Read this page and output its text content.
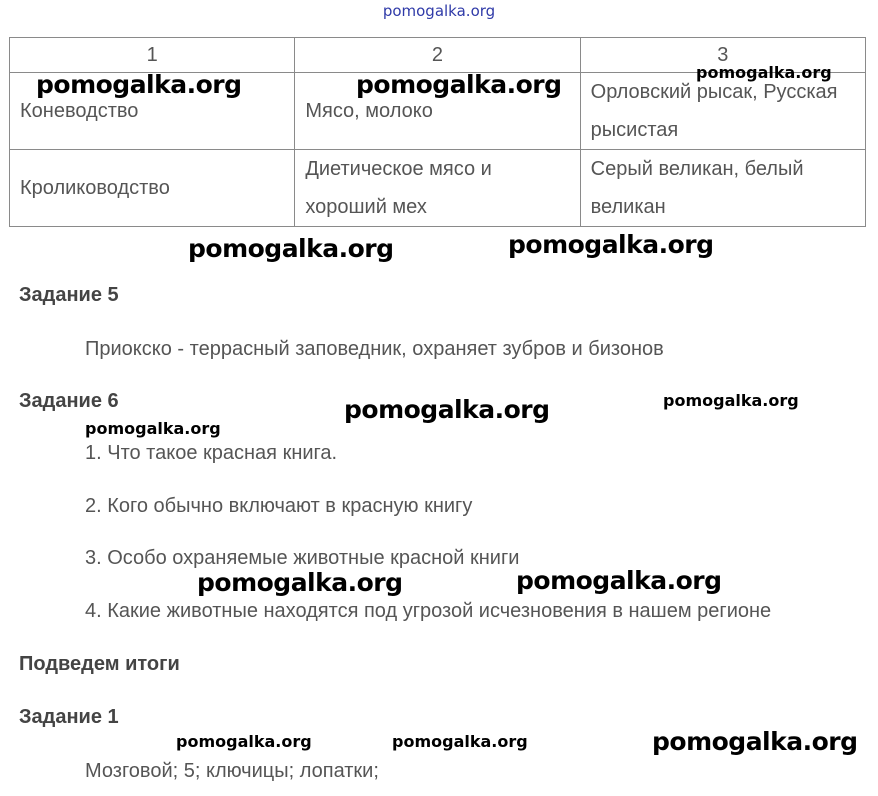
pomogalka.org
1	2	3
Коневодство	Мясо, молоко	Орловский рысак, Русская рысистая
Кролиководство	Диетическое мясо и хороший мех	Серый великан, белый великан
pomogalka.org	pomogalka.org	pomogalka.org
pomogalka.org	pomogalka.org
Задание 5
Приокско - террасный заповедник, охраняет зубров и бизонов
Задание 6	pomogalka.org	pomogalka.org
pomogalka.org
1. Что такое красная книга.
2. Кого обычно включают в красную книгу
3. Особо охраняемые животные красной книги
pomogalka.org	pomogalka.org
4. Какие животные находятся под угрозой исчезновения в нашем регионе
Подведем итоги
Задание 1
pomogalka.org	pomogalka.org	pomogalka.org
Мозговой; 5; ключицы; лопатки;
